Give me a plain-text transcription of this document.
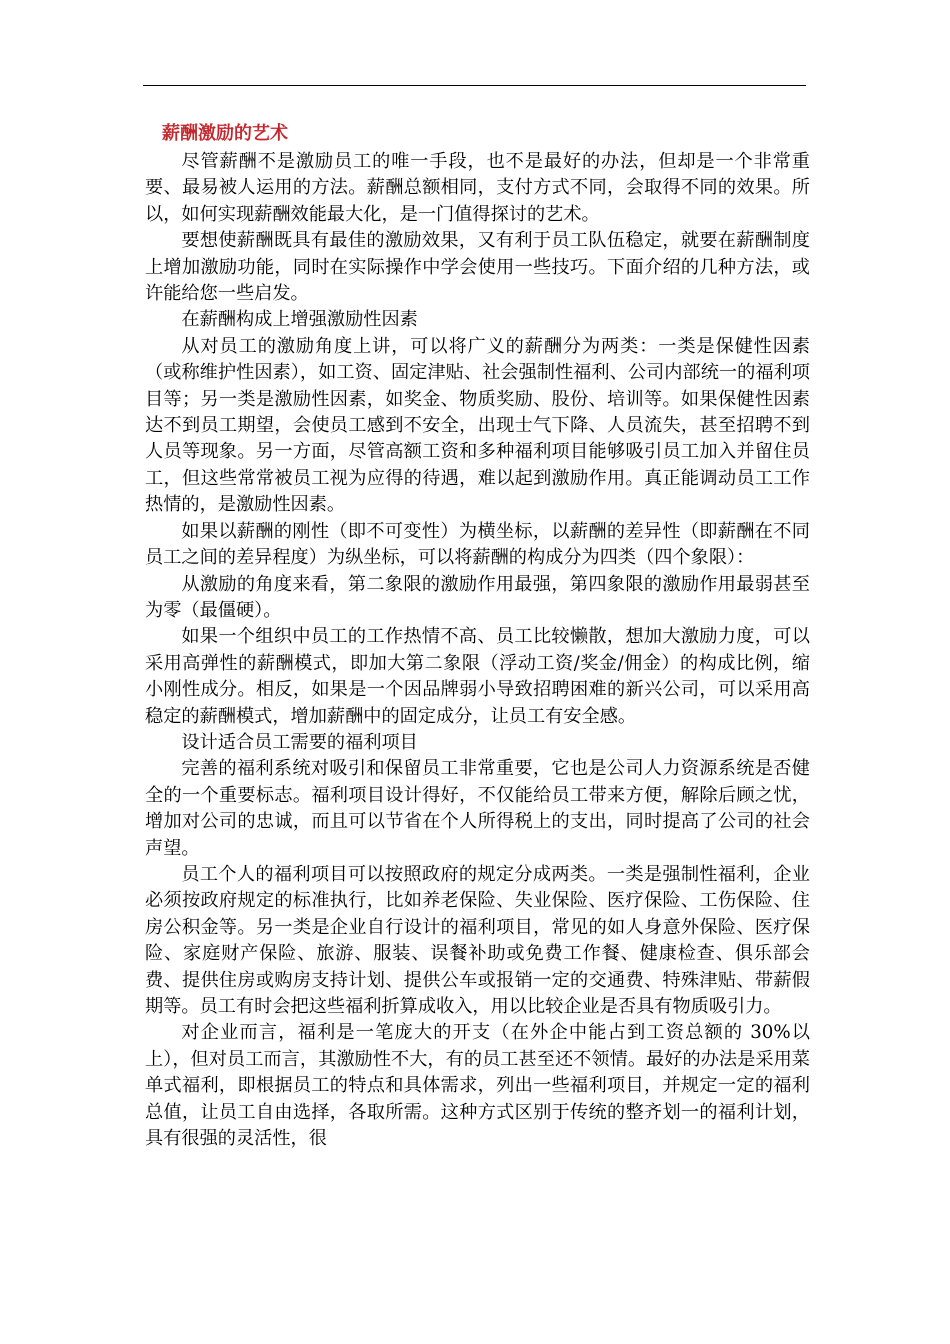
薪酬激励的艺术

尽管薪酬不是激励员工的唯一手段，也不是最好的办法，但却是一个非常重要、最易被人运用的方法。薪酬总额相同，支付方式不同，会取得不同的效果。所以，如何实现薪酬效能最大化，是一门值得探讨的艺术。

要想使薪酬既具有最佳的激励效果，又有利于员工队伍稳定，就要在薪酬制度上增加激励功能，同时在实际操作中学会使用一些技巧。下面介绍的几种方法，或许能给您一些启发。

在薪酬构成上增强激励性因素

从对员工的激励角度上讲，可以将广义的薪酬分为两类：一类是保健性因素（或称维护性因素），如工资、固定津贴、社会强制性福利、公司内部统一的福利项目等；另一类是激励性因素，如奖金、物质奖励、股份、培训等。如果保健性因素达不到员工期望，会使员工感到不安全，出现士气下降、人员流失，甚至招聘不到人员等现象。另一方面，尽管高额工资和多种福利项目能够吸引员工加入并留住员工，但这些常常被员工视为应得的待遇，难以起到激励作用。真正能调动员工工作热情的，是激励性因素。

如果以薪酬的刚性（即不可变性）为横坐标，以薪酬的差异性（即薪酬在不同员工之间的差异程度）为纵坐标，可以将薪酬的构成分为四类（四个象限）：

从激励的角度来看，第二象限的激励作用最强，第四象限的激励作用最弱甚至为零（最僵硬）。

如果一个组织中员工的工作热情不高、员工比较懒散，想加大激励力度，可以采用高弹性的薪酬模式，即加大第二象限（浮动工资/奖金/佣金）的构成比例，缩小刚性成分。相反，如果是一个因品牌弱小导致招聘困难的新兴公司，可以采用高稳定的薪酬模式，增加薪酬中的固定成分，让员工有安全感。

设计适合员工需要的福利项目

完善的福利系统对吸引和保留员工非常重要，它也是公司人力资源系统是否健全的一个重要标志。福利项目设计得好，不仅能给员工带来方便，解除后顾之忧，增加对公司的忠诚，而且可以节省在个人所得税上的支出，同时提高了公司的社会声望。

员工个人的福利项目可以按照政府的规定分成两类。一类是强制性福利，企业必须按政府规定的标准执行，比如养老保险、失业保险、医疗保险、工伤保险、住房公积金等。另一类是企业自行设计的福利项目，常见的如人身意外保险、医疗保险、家庭财产保险、旅游、服装、误餐补助或免费工作餐、健康检查、俱乐部会费、提供住房或购房支持计划、提供公车或报销一定的交通费、特殊津贴、带薪假期等。员工有时会把这些福利折算成收入，用以比较企业是否具有物质吸引力。

对企业而言，福利是一笔庞大的开支（在外企中能占到工资总额的 30%以上），但对员工而言，其激励性不大，有的员工甚至还不领情。最好的办法是采用菜单式福利，即根据员工的特点和具体需求，列出一些福利项目，并规定一定的福利总值，让员工自由选择，各取所需。这种方式区别于传统的整齐划一的福利计划，具有很强的灵活性，很
